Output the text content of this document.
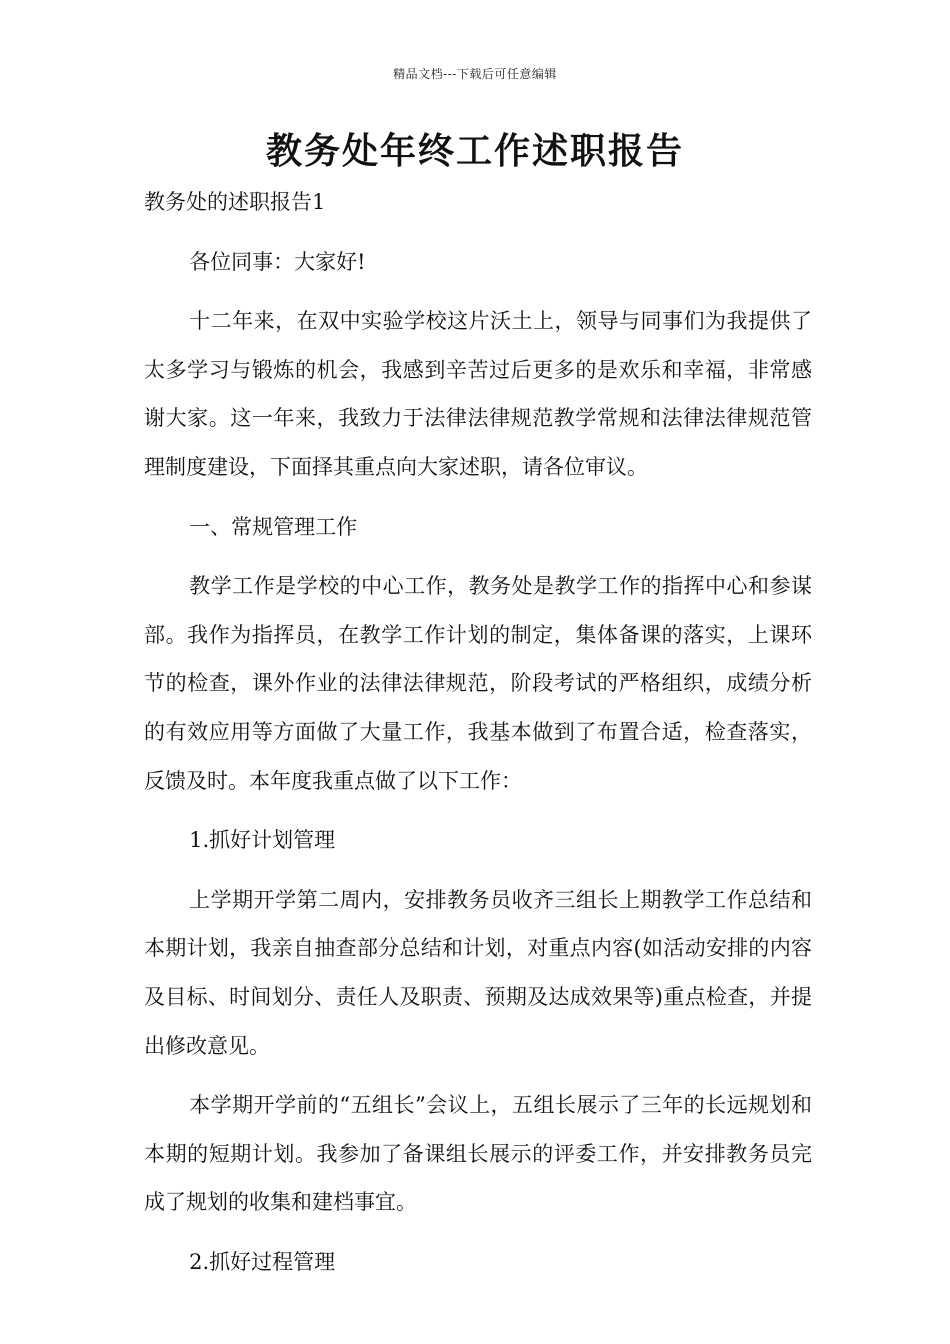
精品文档---下载后可任意编辑
教务处年终工作述职报告

教务处的述职报告1

各位同事：大家好!

十二年来，在双中实验学校这片沃土上，领导与同事们为我提供了太多学习与锻炼的机会，我感到辛苦过后更多的是欢乐和幸福，非常感谢大家。这一年来，我致力于法律法律规范教学常规和法律法律规范管理制度建设，下面择其重点向大家述职，请各位审议。

一、常规管理工作

教学工作是学校的中心工作，教务处是教学工作的指挥中心和参谋部。我作为指挥员，在教学工作计划的制定，集体备课的落实，上课环节的检查，课外作业的法律法律规范，阶段考试的严格组织，成绩分析的有效应用等方面做了大量工作，我基本做到了布置合适，检查落实，反馈及时。本年度我重点做了以下工作：

1.抓好计划管理

上学期开学第二周内，安排教务员收齐三组长上期教学工作总结和本期计划，我亲自抽查部分总结和计划，对重点内容(如活动安排的内容及目标、时间划分、责任人及职责、预期及达成效果等)重点检查，并提出修改意见。

本学期开学前的“五组长”会议上，五组长展示了三年的长远规划和本期的短期计划。我参加了备课组长展示的评委工作，并安排教务员完成了规划的收集和建档事宜。

2.抓好过程管理
